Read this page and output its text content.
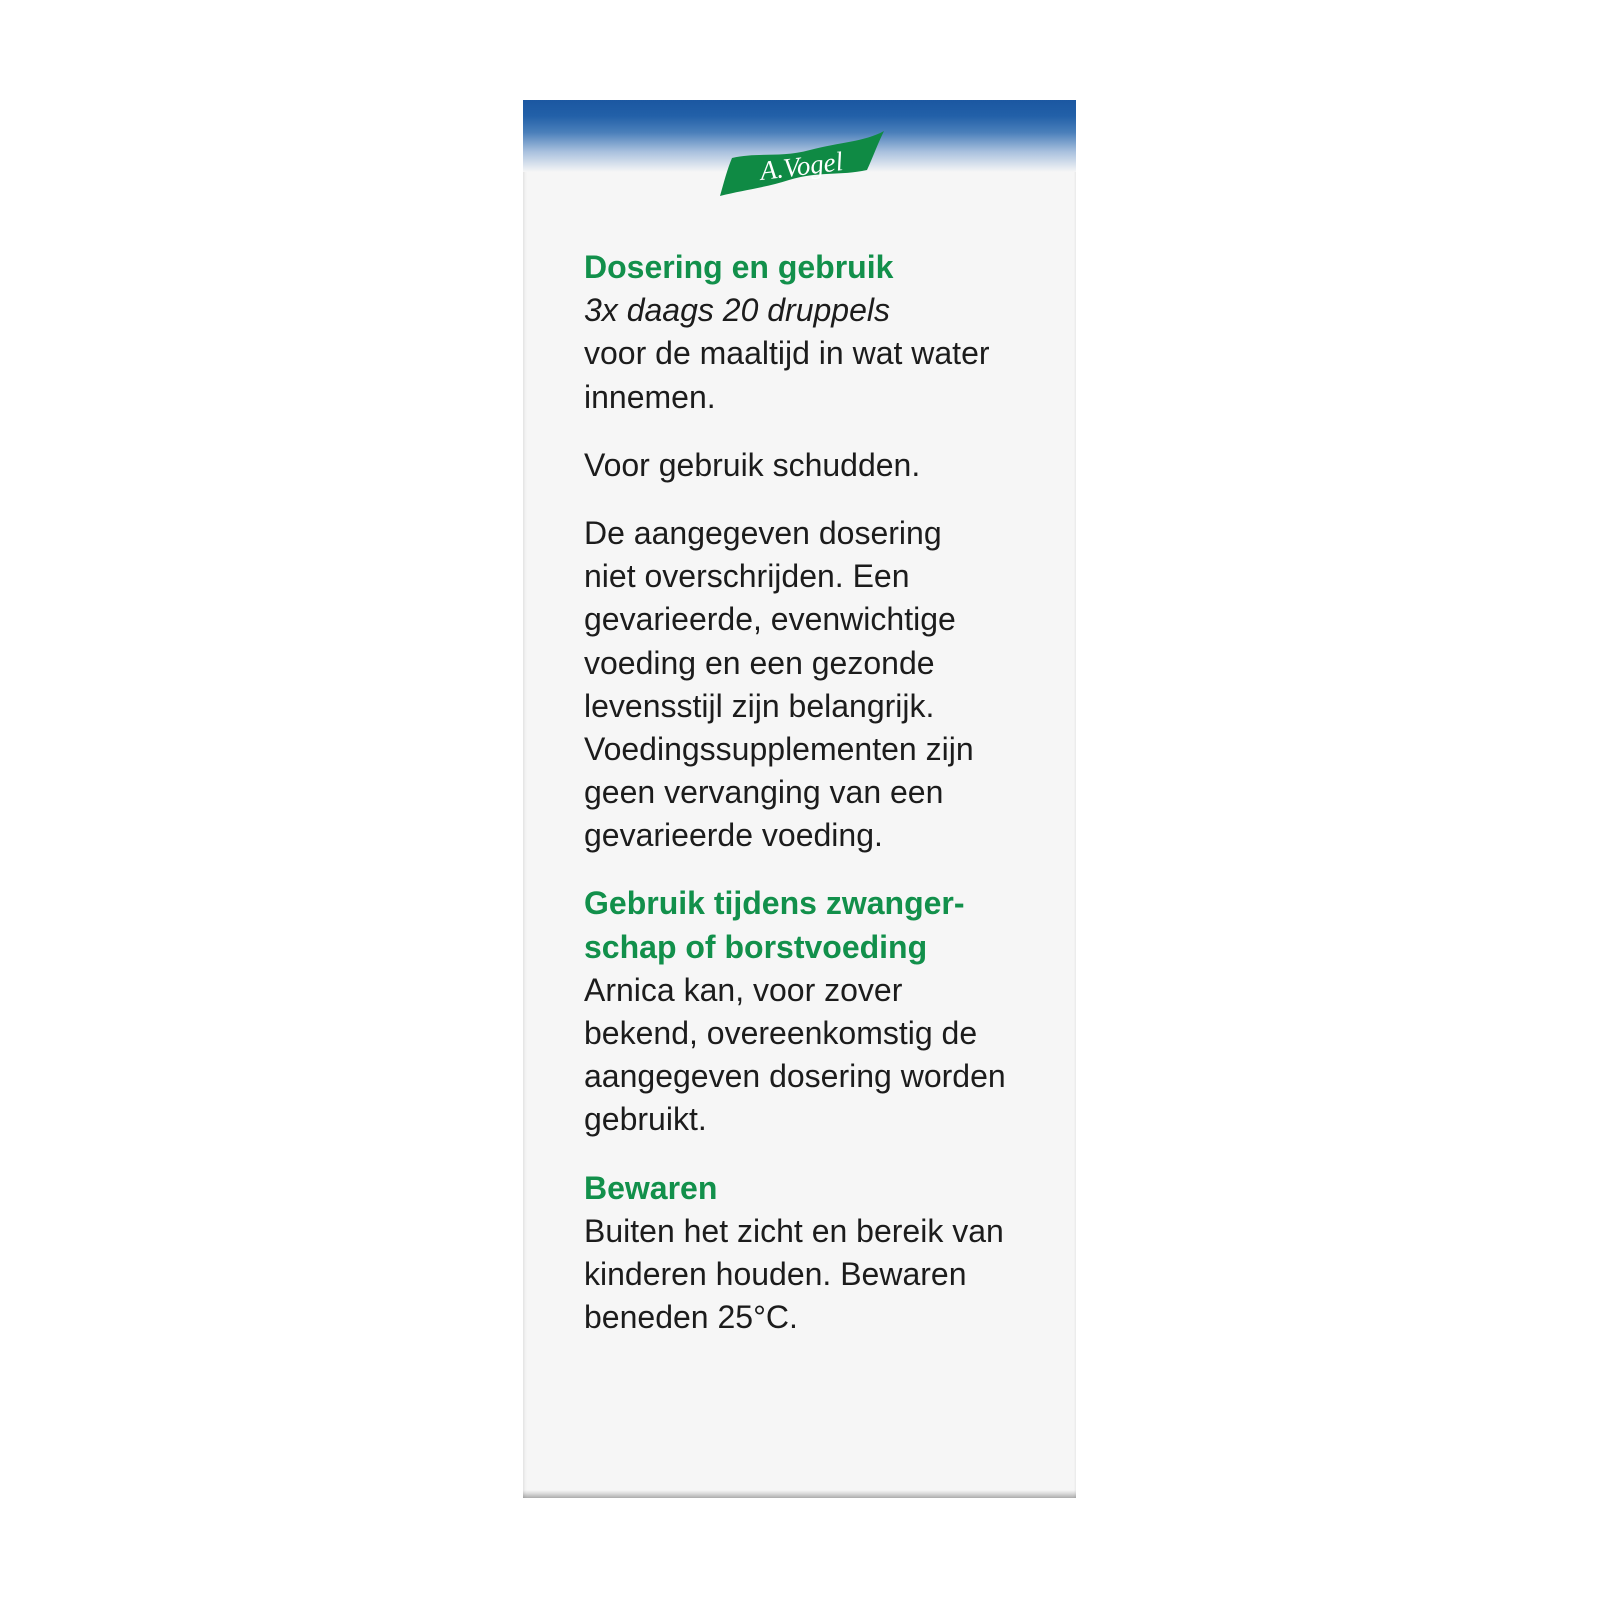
A.Vogel
Dosering en gebruik
3x daags 20 druppels
voor de maaltijd in wat water
innemen.
Voor gebruik schudden.
De aangegeven dosering
niet overschrijden. Een
gevarieerde, evenwichtige
voeding en een gezonde
levensstijl zijn belangrijk.
Voedingssupplementen zijn
geen vervanging van een
gevarieerde voeding.
Gebruik tijdens zwanger-
schap of borstvoeding
Arnica kan, voor zover
bekend, overeenkomstig de
aangegeven dosering worden
gebruikt.
Bewaren
Buiten het zicht en bereik van
kinderen houden. Bewaren
beneden 25°C.
